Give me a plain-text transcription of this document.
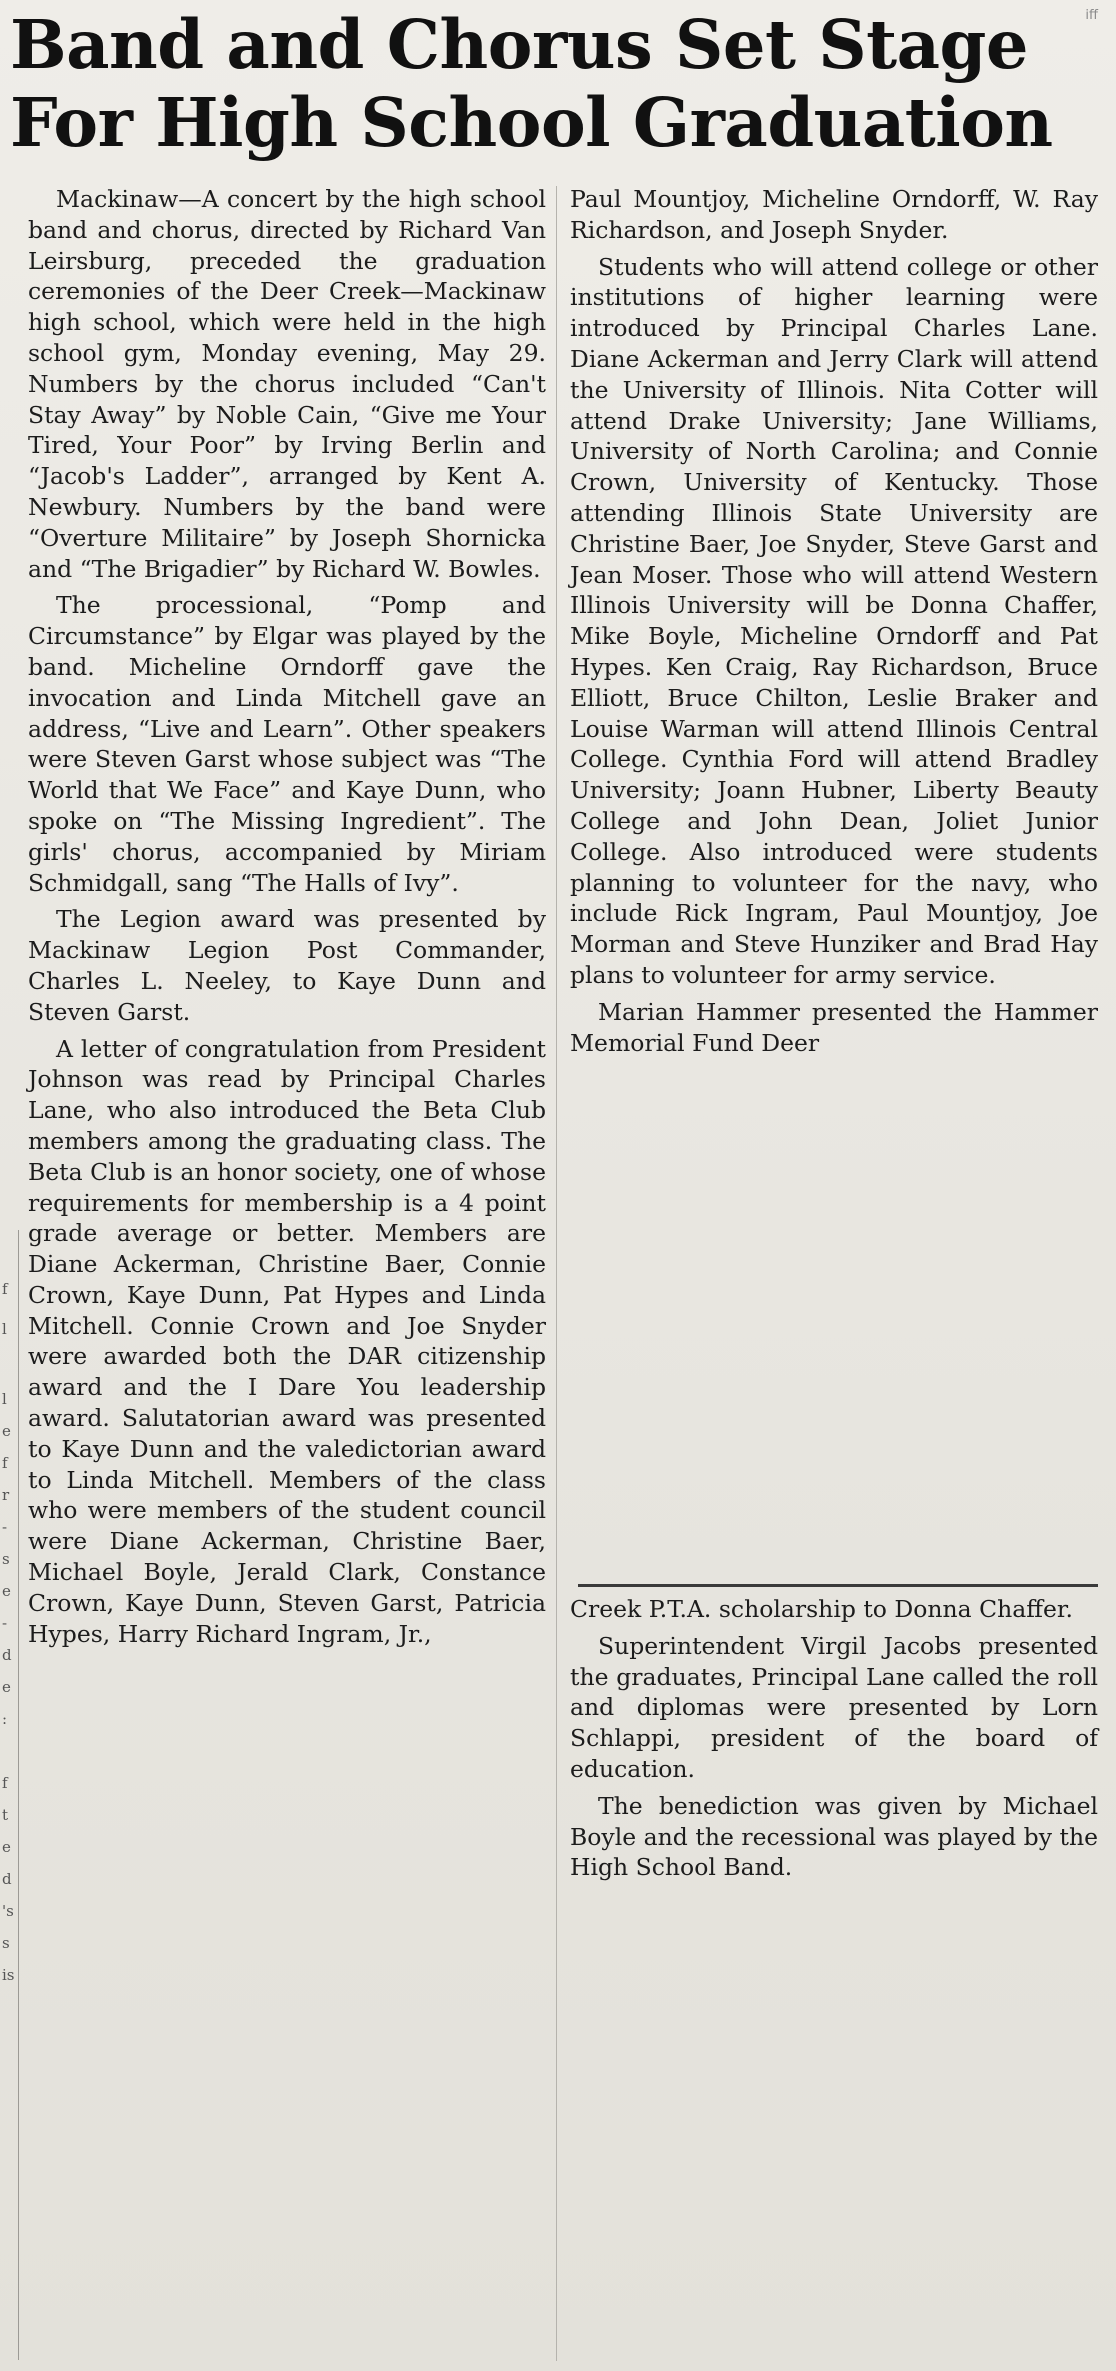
iff
Band and Chorus Set Stage
For High School Graduation

Mackinaw—A concert by the high school band and chorus, directed by Richard Van Leirsburg, preceded the graduation ceremonies of the Deer Creek—Mackinaw high school, which were held in the high school gym, Monday evening, May 29. Numbers by the chorus included “Can't Stay Away” by Noble Cain, “Give me Your Tired, Your Poor” by Irving Berlin and “Jacob's Ladder”, arranged by Kent A. Newbury. Numbers by the band were “Overture Militaire” by Joseph Shornicka and “The Brigadier” by Richard W. Bowles.

The processional, “Pomp and Circumstance” by Elgar was played by the band. Micheline Orndorff gave the invocation and Linda Mitchell gave an address, “Live and Learn”. Other speakers were Steven Garst whose subject was “The World that We Face” and Kaye Dunn, who spoke on “The Missing Ingredient”. The girls' chorus, accompanied by Miriam Schmidgall, sang “The Halls of Ivy”.

The Legion award was presented by Mackinaw Legion Post Commander, Charles L. Neeley, to Kaye Dunn and Steven Garst.

A letter of congratulation from President Johnson was read by Principal Charles Lane, who also introduced the Beta Club members among the graduating class. The Beta Club is an honor society, one of whose requirements for membership is a 4 point grade average or better. Members are Diane Ackerman, Christine Baer, Connie Crown, Kaye Dunn, Pat Hypes and Linda Mitchell. Connie Crown and Joe Snyder were awarded both the DAR citizenship award and the I Dare You leadership award. Salutatorian award was presented to Kaye Dunn and the valedictorian award to Linda Mitchell. Members of the class who were members of the student council were Diane Ackerman, Christine Baer, Michael Boyle, Jerald Clark, Constance Crown, Kaye Dunn, Steven Garst, Patricia Hypes, Harry Richard Ingram, Jr.,

Paul Mountjoy, Micheline Orndorff, W. Ray Richardson, and Joseph Snyder.

Students who will attend college or other institutions of higher learning were introduced by Principal Charles Lane. Diane Ackerman and Jerry Clark will attend the University of Illinois. Nita Cotter will attend Drake University; Jane Williams, University of North Carolina; and Connie Crown, University of Kentucky. Those attending Illinois State University are Christine Baer, Joe Snyder, Steve Garst and Jean Moser. Those who will attend Western Illinois University will be Donna Chaffer, Mike Boyle, Micheline Orndorff and Pat Hypes. Ken Craig, Ray Richardson, Bruce Elliott, Bruce Chilton, Leslie Braker and Louise Warman will attend Illinois Central College. Cynthia Ford will attend Bradley University; Joann Hubner, Liberty Beauty College and John Dean, Joliet Junior College. Also introduced were students planning to volunteer for the navy, who include Rick Ingram, Paul Mountjoy, Joe Morman and Steve Hunziker and Brad Hay plans to volunteer for army service.

Marian Hammer presented the Hammer Memorial Fund Deer

Creek P.T.A. scholarship to Donna Chaffer.

Superintendent Virgil Jacobs presented the graduates, Principal Lane called the roll and diplomas were presented by Lorn Schlappi, president of the board of education.

The benediction was given by Michael Boyle and the recessional was played by the High School Band.

f
l
l
e
f
r
-
s
e
-
d
e
:
f
t
e
d
's
s
is
